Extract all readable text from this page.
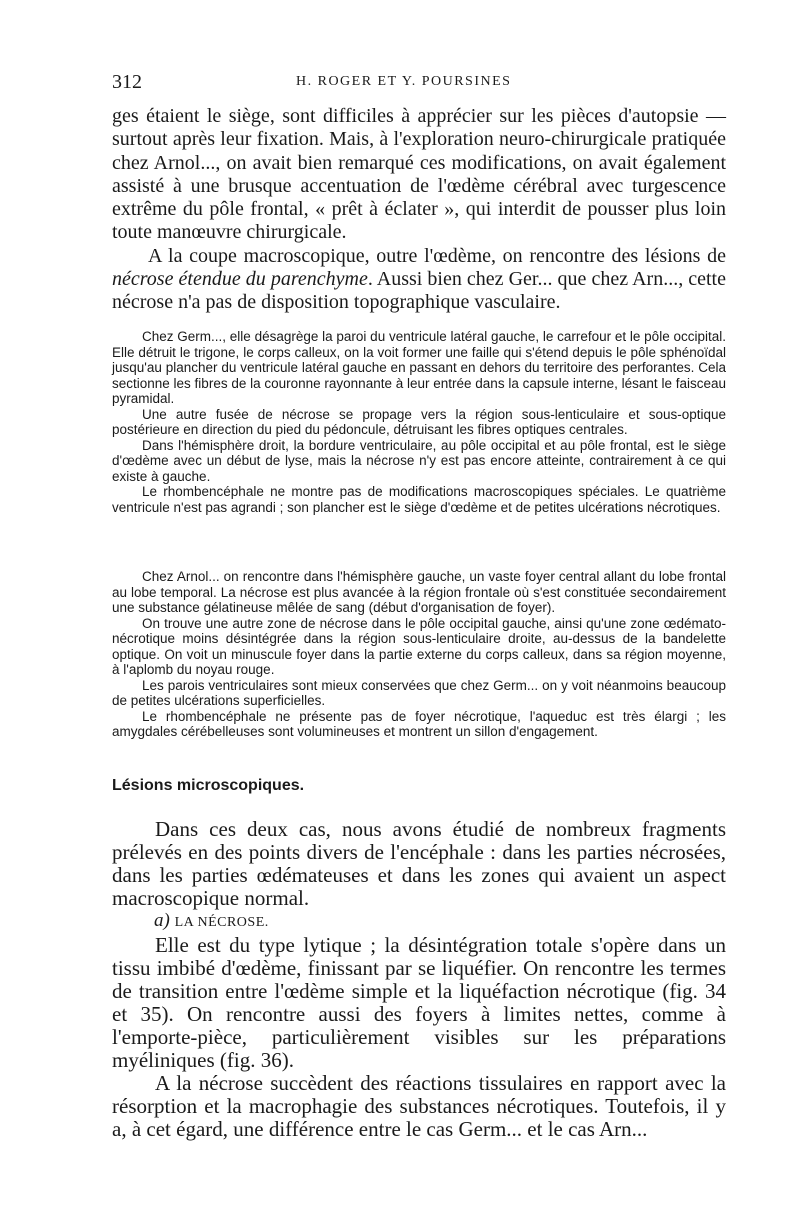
312	H. ROGER ET Y. POURSINES

ges étaient le siège, sont difficiles à apprécier sur les pièces d'autopsie — surtout après leur fixation. Mais, à l'exploration neuro-chirurgicale pratiquée chez Arnol..., on avait bien remarqué ces modifications, on avait également assisté à une brusque accentuation de l'œdème cérébral avec turgescence extrême du pôle frontal, « prêt à éclater », qui interdit de pousser plus loin toute manœuvre chirurgicale.

A la coupe macroscopique, outre l'œdème, on rencontre des lésions de nécrose étendue du parenchyme. Aussi bien chez Ger... que chez Arn..., cette nécrose n'a pas de disposition topographique vasculaire.

Chez Germ..., elle désagrège la paroi du ventricule latéral gauche, le carrefour et le pôle occipital. Elle détruit le trigone, le corps calleux, on la voit former une faille qui s'étend depuis le pôle sphénoïdal jusqu'au plancher du ventricule latéral gauche en passant en dehors du territoire des perforantes. Cela sectionne les fibres de la couronne rayonnante à leur entrée dans la capsule interne, lésant le faisceau pyramidal.

Une autre fusée de nécrose se propage vers la région sous-lenticulaire et sous-optique postérieure en direction du pied du pédoncule, détruisant les fibres optiques centrales.

Dans l'hémisphère droit, la bordure ventriculaire, au pôle occipital et au pôle frontal, est le siège d'œdème avec un début de lyse, mais la nécrose n'y est pas encore atteinte, contrairement à ce qui existe à gauche.

Le rhombencéphale ne montre pas de modifications macroscopiques spéciales. Le quatrième ventricule n'est pas agrandi ; son plancher est le siège d'œdème et de petites ulcérations nécrotiques.

Chez Arnol... on rencontre dans l'hémisphère gauche, un vaste foyer central allant du lobe frontal au lobe temporal. La nécrose est plus avancée à la région frontale où s'est constituée secondairement une substance gélatineuse mêlée de sang (début d'organisation de foyer).

On trouve une autre zone de nécrose dans le pôle occipital gauche, ainsi qu'une zone œdémato-nécrotique moins désintégrée dans la région sous-lenticulaire droite, au-dessus de la bandelette optique. On voit un minuscule foyer dans la partie externe du corps calleux, dans sa région moyenne, à l'aplomb du noyau rouge.

Les parois ventriculaires sont mieux conservées que chez Germ... on y voit néanmoins beaucoup de petites ulcérations superficielles.

Le rhombencéphale ne présente pas de foyer nécrotique, l'aqueduc est très élargi ; les amygdales cérébelleuses sont volumineuses et montrent un sillon d'engagement.

Lésions microscopiques.

Dans ces deux cas, nous avons étudié de nombreux fragments prélevés en des points divers de l'encéphale : dans les parties nécrosées, dans les parties œdémateuses et dans les zones qui avaient un aspect macroscopique normal.

a) LA NÉCROSE.

Elle est du type lytique ; la désintégration totale s'opère dans un tissu imbibé d'œdème, finissant par se liquéfier. On rencontre les termes de transition entre l'œdème simple et la liquéfaction nécrotique (fig. 34 et 35). On rencontre aussi des foyers à limites nettes, comme à l'emporte-pièce, particulièrement visibles sur les préparations myéliniques (fig. 36).

A la nécrose succèdent des réactions tissulaires en rapport avec la résorption et la macrophagie des substances nécrotiques. Toutefois, il y a, à cet égard, une différence entre le cas Germ... et le cas Arn...
